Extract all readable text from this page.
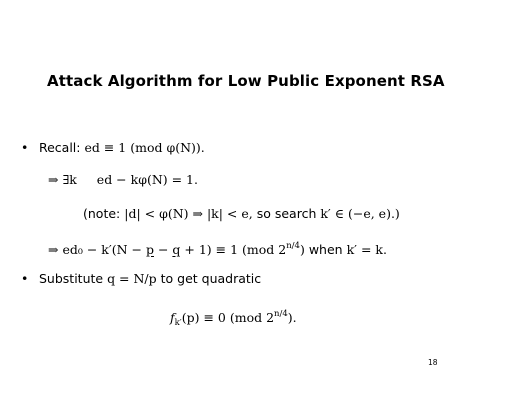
Attack Algorithm for Low Public Exponent RSA
• Recall: ed ≡ 1 (mod φ(N)).
⇒ ∃k ed − kφ(N) = 1.
(note: |d| < φ(N) ⇒ |k| < e, so search k′ ∈ (−e, e).)
⇒ ed₀ − k′(N − p − q + 1) ≡ 1 (mod $2^{n/4}$) when k′ = k.
• Substitute q = N/p to get quadratic
$f_{k'}(p) \equiv 0$ (mod $2^{n/4}$).
18
